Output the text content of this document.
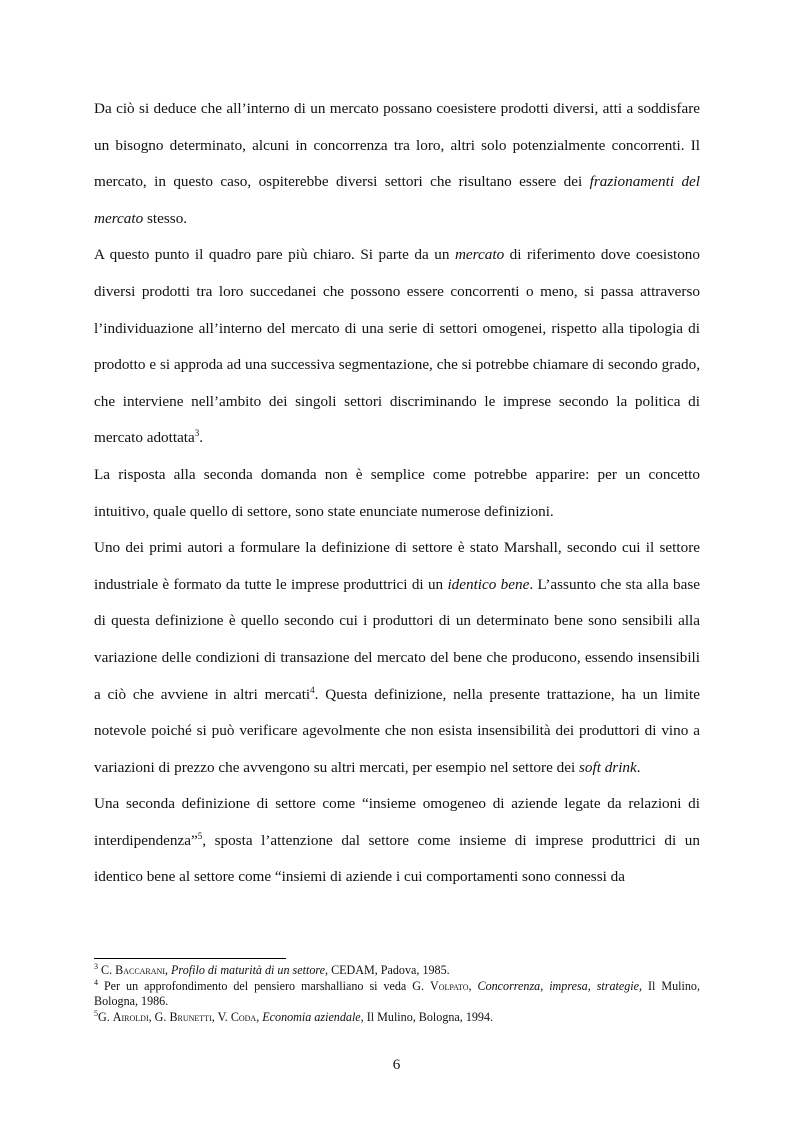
Da ciò si deduce che all’interno di un mercato possano coesistere prodotti diversi, atti a soddisfare un bisogno determinato, alcuni in concorrenza tra loro, altri solo potenzialmente concorrenti. Il mercato, in questo caso, ospiterebbe diversi settori che risultano essere dei frazionamenti del mercato stesso.

A questo punto il quadro pare più chiaro. Si parte da un mercato di riferimento dove coesistono diversi prodotti tra loro succedanei che possono essere concorrenti o meno, si passa attraverso l’individuazione all’interno del mercato di una serie di settori omogenei, rispetto alla tipologia di prodotto e si approda ad una successiva segmentazione, che si potrebbe chiamare di secondo grado, che interviene nell’ambito dei singoli settori discriminando le imprese secondo la politica di mercato adottata$^3$.

La risposta alla seconda domanda non è semplice come potrebbe apparire: per un concetto intuitivo, quale quello di settore, sono state enunciate numerose definizioni.

Uno dei primi autori a formulare la definizione di settore è stato Marshall, secondo cui il settore industriale è formato da tutte le imprese produttrici di un identico bene. L’assunto che sta alla base di questa definizione è quello secondo cui i produttori di un determinato bene sono sensibili alla variazione delle condizioni di transazione del mercato del bene che producono, essendo insensibili a ciò che avviene in altri mercati$^4$. Questa definizione, nella presente trattazione, ha un limite notevole poiché si può verificare agevolmente che non esista insensibilità dei produttori di vino a variazioni di prezzo che avvengono su altri mercati, per esempio nel settore dei soft drink.

Una seconda definizione di settore come “insieme omogeneo di aziende legate da relazioni di interdipendenza”$^5$, sposta l’attenzione dal settore come insieme di imprese produttrici di un identico bene al settore come “insiemi di aziende i cui comportamenti sono connessi da

$^3$ C. Baccarani, Profilo di maturità di un settore, CEDAM, Padova, 1985.

$^4$ Per un approfondimento del pensiero marshalliano si veda G. Volpato, Concorrenza, impresa, strategie, Il Mulino, Bologna, 1986.

$^5$G. Airoldi, G. Brunetti, V. Coda, Economia aziendale, Il Mulino, Bologna, 1994.

6
